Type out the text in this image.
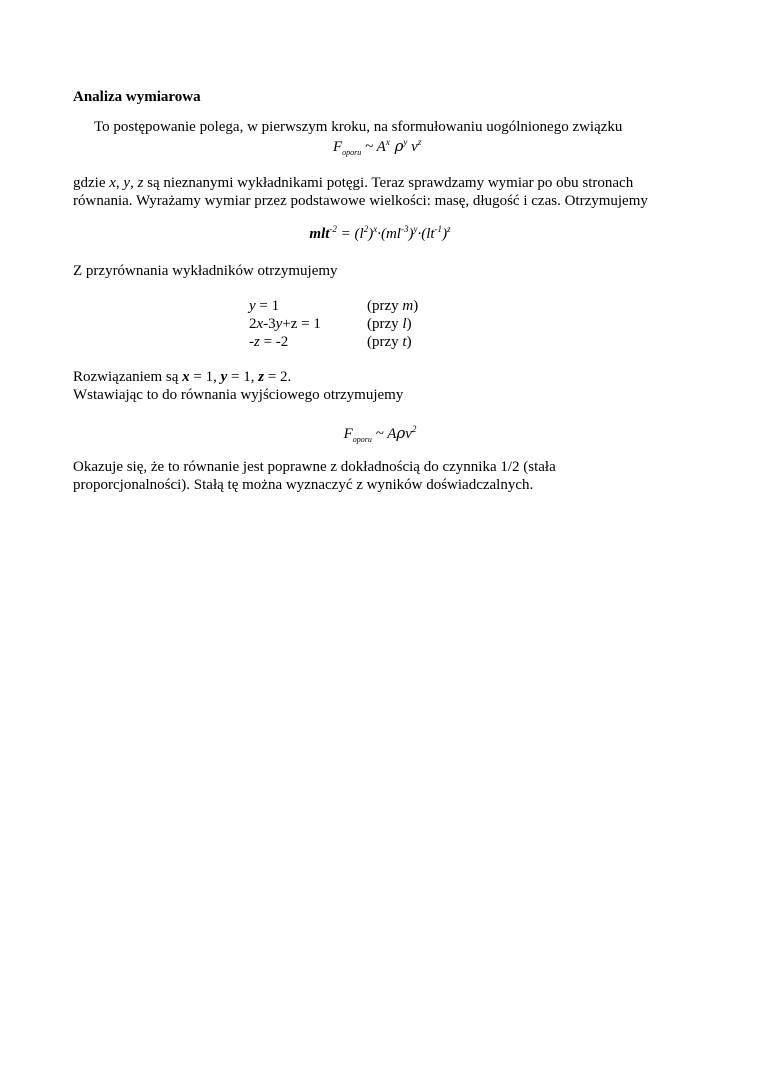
Analiza wymiarowa
To postępowanie polega, w pierwszym kroku, na sformułowaniu uogólnionego związku
$F_{oporu}$ ~ $A^x$ $\rho^y$ $v^z$
gdzie x, y, z są nieznanymi wykładnikami potęgi. Teraz sprawdzamy wymiar po obu stronach
równania. Wyrażamy wymiar przez podstawowe wielkości: masę, długość i czas. Otrzymujemy
$mlt^{-2} = (l^2)^x\cdot(ml^{-3})^y\cdot(lt^{-1})^z$
Z przyrównania wykładników otrzymujemy
y = 1
2x-3y+z = 1
-z = -2
(przy m)
(przy l)
(przy t)
Rozwiązaniem są x = 1, y = 1, z = 2.
Wstawiając to do równania wyjściowego otrzymujemy
$F_{oporu}$ ~ Aρv$^2$
Okazuje się, że to równanie jest poprawne z dokładnością do czynnika 1/2 (stała
proporcjonalności). Stałą tę można wyznaczyć z wyników doświadczalnych.
